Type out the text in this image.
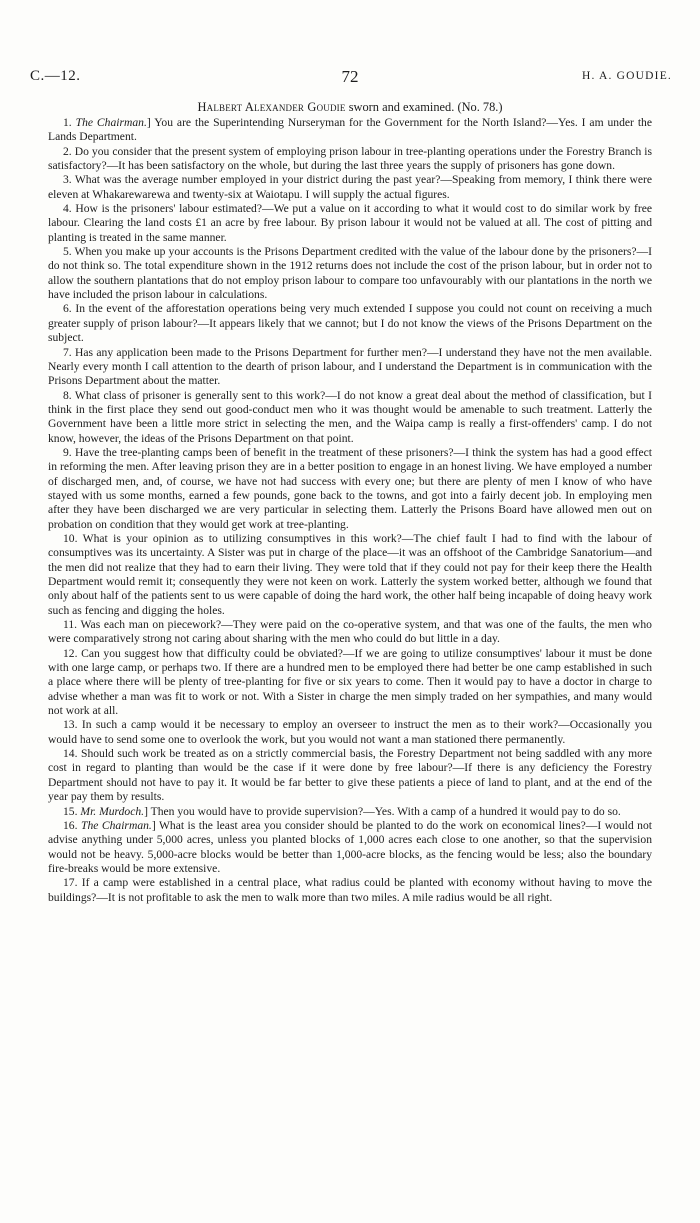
C.—12.	72	H. A. GOUDIE.
Halbert Alexander Goudie sworn and examined. (No. 78.)

1. The Chairman.] You are the Superintending Nurseryman for the Government for the North Island?—Yes. I am under the Lands Department.

2. Do you consider that the present system of employing prison labour in tree-planting operations under the Forestry Branch is satisfactory?—It has been satisfactory on the whole, but during the last three years the supply of prisoners has gone down.

3. What was the average number employed in your district during the past year?—Speaking from memory, I think there were eleven at Whakarewarewa and twenty-six at Waiotapu. I will supply the actual figures.

4. How is the prisoners' labour estimated?—We put a value on it according to what it would cost to do similar work by free labour. Clearing the land costs £1 an acre by free labour. By prison labour it would not be valued at all. The cost of pitting and planting is treated in the same manner.

5. When you make up your accounts is the Prisons Department credited with the value of the labour done by the prisoners?—I do not think so. The total expenditure shown in the 1912 returns does not include the cost of the prison labour, but in order not to allow the southern plantations that do not employ prison labour to compare too unfavourably with our plantations in the north we have included the prison labour in calculations.

6. In the event of the afforestation operations being very much extended I suppose you could not count on receiving a much greater supply of prison labour?—It appears likely that we cannot; but I do not know the views of the Prisons Department on the subject.

7. Has any application been made to the Prisons Department for further men?—I understand they have not the men available. Nearly every month I call attention to the dearth of prison labour, and I understand the Department is in communication with the Prisons Department about the matter.

8. What class of prisoner is generally sent to this work?—I do not know a great deal about the method of classification, but I think in the first place they send out good-conduct men who it was thought would be amenable to such treatment. Latterly the Government have been a little more strict in selecting the men, and the Waipa camp is really a first-offenders' camp. I do not know, however, the ideas of the Prisons Department on that point.

9. Have the tree-planting camps been of benefit in the treatment of these prisoners?—I think the system has had a good effect in reforming the men. After leaving prison they are in a better position to engage in an honest living. We have employed a number of discharged men, and, of course, we have not had success with every one; but there are plenty of men I know of who have stayed with us some months, earned a few pounds, gone back to the towns, and got into a fairly decent job. In employing men after they have been discharged we are very particular in selecting them. Latterly the Prisons Board have allowed men out on probation on condition that they would get work at tree-planting.

10. What is your opinion as to utilizing consumptives in this work?—The chief fault I had to find with the labour of consumptives was its uncertainty. A Sister was put in charge of the place—it was an offshoot of the Cambridge Sanatorium—and the men did not realize that they had to earn their living. They were told that if they could not pay for their keep there the Health Department would remit it; consequently they were not keen on work. Latterly the system worked better, although we found that only about half of the patients sent to us were capable of doing the hard work, the other half being incapable of doing heavy work such as fencing and digging the holes.

11. Was each man on piecework?—They were paid on the co-operative system, and that was one of the faults, the men who were comparatively strong not caring about sharing with the men who could do but little in a day.

12. Can you suggest how that difficulty could be obviated?—If we are going to utilize consumptives' labour it must be done with one large camp, or perhaps two. If there are a hundred men to be employed there had better be one camp established in such a place where there will be plenty of tree-planting for five or six years to come. Then it would pay to have a doctor in charge to advise whether a man was fit to work or not. With a Sister in charge the men simply traded on her sympathies, and many would not work at all.

13. In such a camp would it be necessary to employ an overseer to instruct the men as to their work?—Occasionally you would have to send some one to overlook the work, but you would not want a man stationed there permanently.

14. Should such work be treated as on a strictly commercial basis, the Forestry Department not being saddled with any more cost in regard to planting than would be the case if it were done by free labour?—If there is any deficiency the Forestry Department should not have to pay it. It would be far better to give these patients a piece of land to plant, and at the end of the year pay them by results.

15. Mr. Murdoch.] Then you would have to provide supervision?—Yes. With a camp of a hundred it would pay to do so.

16. The Chairman.] What is the least area you consider should be planted to do the work on economical lines?—I would not advise anything under 5,000 acres, unless you planted blocks of 1,000 acres each close to one another, so that the supervision would not be heavy. 5,000-acre blocks would be better than 1,000-acre blocks, as the fencing would be less; also the boundary fire-breaks would be more extensive.

17. If a camp were established in a central place, what radius could be planted with economy without having to move the buildings?—It is not profitable to ask the men to walk more than two miles. A mile radius would be all right.
